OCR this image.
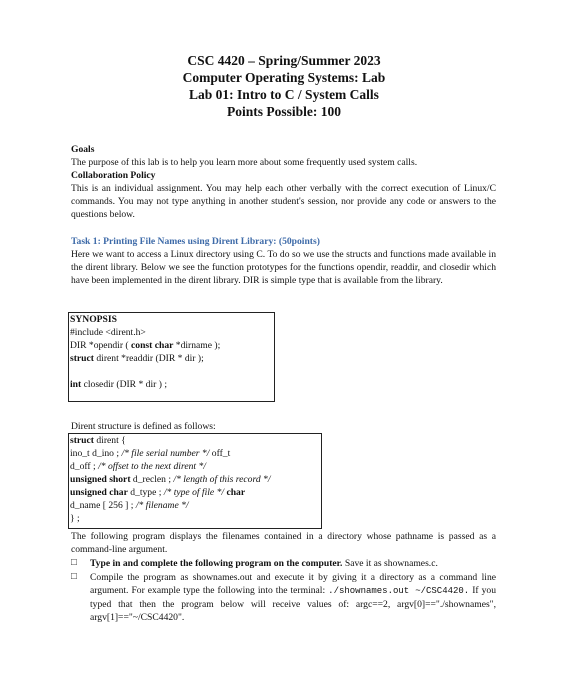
CSC 4420 – Spring/Summer 2023
Computer Operating Systems: Lab
Lab 01: Intro to C / System Calls
Points Possible: 100
Goals
The purpose of this lab is to help you learn more about some frequently used system calls.
Collaboration Policy
This is an individual assignment. You may help each other verbally with the correct execution of Linux/C commands. You may not type anything in another student's session, nor provide any code or answers to the questions below.
Task 1: Printing File Names using Dirent Library: (50points)
Here we want to access a Linux directory using C. To do so we use the structs and functions made available in the dirent library. Below we see the function prototypes for the functions opendir, readdir, and closedir which have been implemented in the dirent library. DIR is simple type that is available from the library.
SYNOPSIS
#include <dirent.h>
DIR *opendir ( const char *dirname );
struct dirent *readdir (DIR * dir );
int closedir (DIR * dir ) ;
Dirent structure is defined as follows:
struct dirent {
ino_t d_ino ; /* file serial number */ off_t
d_off ; /* offset to the next dirent */
unsigned short d_reclen ; /* length of this record */
unsigned char d_type ; /* type of file */ char
d_name [ 256 ] ; /* filename */
} ;
The following program displays the filenames contained in a directory whose pathname is passed as a command-line argument.
□ Type in and complete the following program on the computer. Save it as shownames.c.
□ Compile the program as shownames.out and execute it by giving it a directory as a command line argument. For example type the following into the terminal: ./shownames.out ~/CSC4420. If you typed that then the program below will receive values of: argc==2, argv[0]=="./shownames", argv[1]=="~/CSC4420".
